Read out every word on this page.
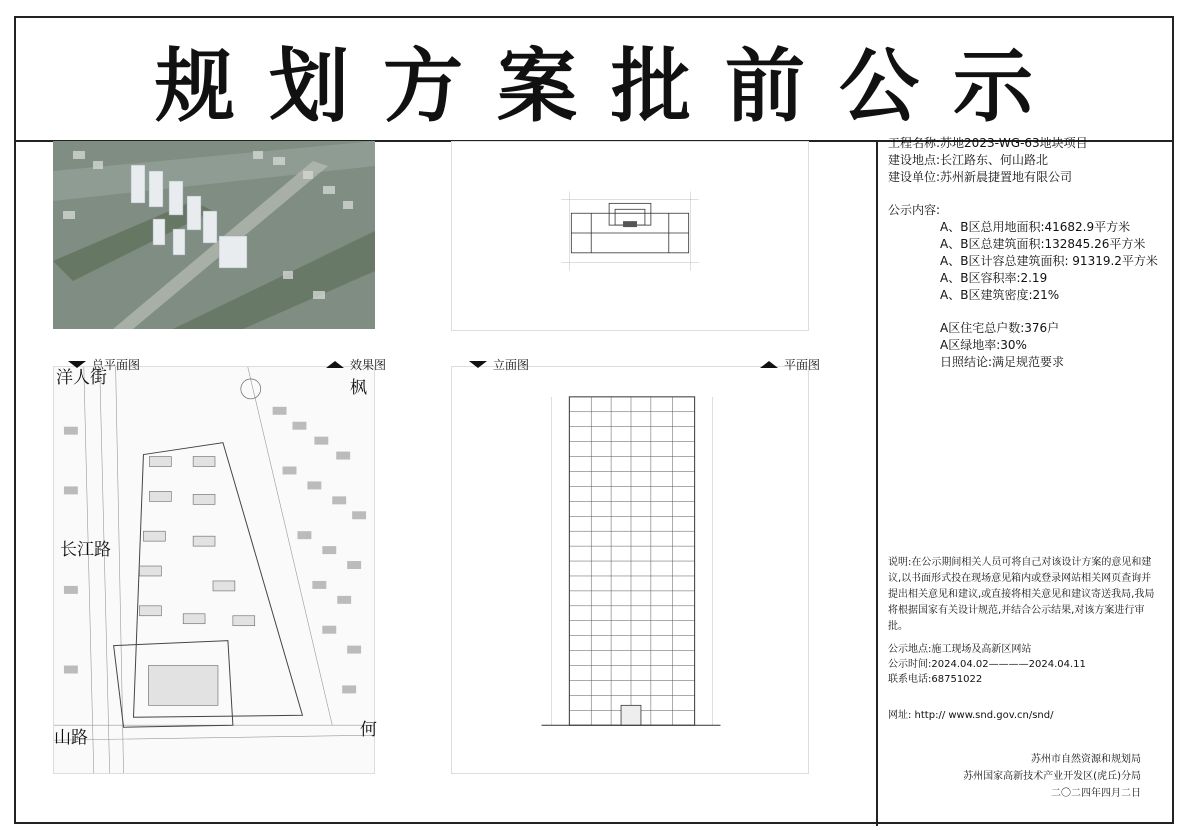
规划方案批前公示
洋人街	枫
长江路
山路	何
总平面图	效果图	立面图	平面图
工程名称:苏地2023-WG-63地块项目
建设地点:长江路东、何山路北
建设单位:苏州新晨捷置地有限公司
公示内容:
A、B区总用地面积:41682.9平方米
A、B区总建筑面积:132845.26平方米
A、B区计容总建筑面积: 91319.2平方米
A、B区容积率:2.19
A、B区建筑密度:21%
A区住宅总户数:376户
A区绿地率:30%
日照结论:满足规范要求
说明:在公示期间相关人员可将自己对该设计方案的意见和建议,以书面形式投在现场意见箱内或登录网站相关网页查询并提出相关意见和建议,或直接将相关意见和建议寄送我局,我局将根据国家有关设计规范,并结合公示结果,对该方案进行审批。
公示地点:施工现场及高新区网站
公示时间:2024.04.02————2024.04.11
联系电话:68751022
网址: http:// www.snd.gov.cn/snd/
苏州市自然资源和规划局
苏州国家高新技术产业开发区(虎丘)分局
二〇二四年四月二日
